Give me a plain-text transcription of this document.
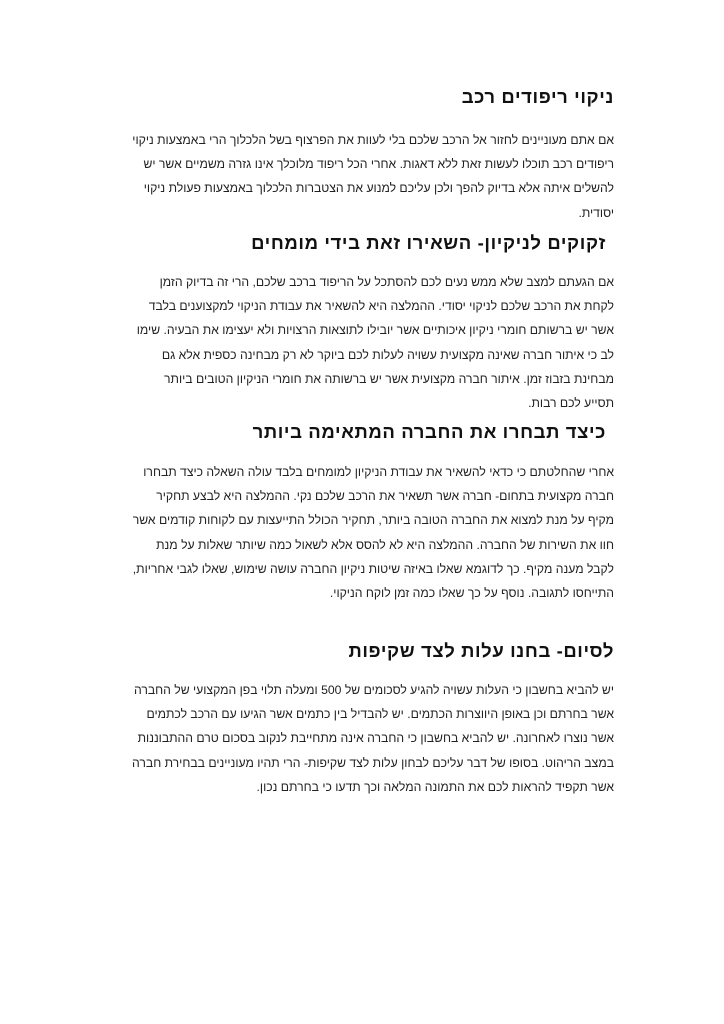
ניקוי ריפודים רכב
אם אתם מעוניינים לחזור אל הרכב שלכם בלי לעוות את הפרצוף בשל הלכלוך הרי באמצעות ניקוי
ריפודים רכב תוכלו לעשות זאת ללא דאגות. אחרי הכל ריפוד מלוכלך אינו גזרה משמיים אשר יש
להשלים איתה אלא בדיוק להפך ולכן עליכם למנוע את הצטברות הלכלוך באמצעות פעולת ניקוי
יסודית.
זקוקים לניקיון- השאירו זאת בידי מומחים
אם הגעתם למצב שלא ממש נעים לכם להסתכל על הריפוד ברכב שלכם, הרי זה בדיוק הזמן
לקחת את הרכב שלכם לניקוי יסודי. ההמלצה היא להשאיר את עבודת הניקוי למקצוענים בלבד
אשר יש ברשותם חומרי ניקיון איכותיים אשר יובילו לתוצאות הרצויות ולא יעצימו את הבעיה. שימו
לב כי איתור חברה שאינה מקצועית עשויה לעלות לכם ביוקר לא רק מבחינה כספית אלא גם
מבחינת בזבוז זמן. איתור חברה מקצועית אשר יש ברשותה את חומרי הניקיון הטובים ביותר
תסייע לכם רבות.
כיצד תבחרו את החברה המתאימה ביותר
אחרי שהחלטתם כי כדאי להשאיר את עבודת הניקיון למומחים בלבד עולה השאלה כיצד תבחרו
חברה מקצועית בתחום- חברה אשר תשאיר את הרכב שלכם נקי. ההמלצה היא לבצע תחקיר
מקיף על מנת למצוא את החברה הטובה ביותר, תחקיר הכולל התייעצות עם לקוחות קודמים אשר
חוו את השירות של החברה. ההמלצה היא לא להסס אלא לשאול כמה שיותר שאלות על מנת
לקבל מענה מקיף. כך לדוגמא שאלו באיזה שיטות ניקיון החברה עושה שימוש, שאלו לגבי אחריות,
התייחסו לתגובה. נוסף על כך שאלו כמה זמן לוקח הניקוי.
לסיום- בחנו עלות לצד שקיפות
יש להביא בחשבון כי העלות עשויה להגיע לסכומים של 500 ומעלה תלוי בפן המקצועי של החברה
אשר בחרתם וכן באופן היווצרות הכתמים. יש להבדיל בין כתמים אשר הגיעו עם הרכב לכתמים
אשר נוצרו לאחרונה. יש להביא בחשבון כי החברה אינה מתחייבת לנקוב בסכום טרם ההתבוננות
במצב הריהוט. בסופו של דבר עליכם לבחון עלות לצד שקיפות- הרי תהיו מעוניינים בבחירת חברה
אשר תקפיד להראות לכם את התמונה המלאה וכך תדעו כי בחרתם נכון.
